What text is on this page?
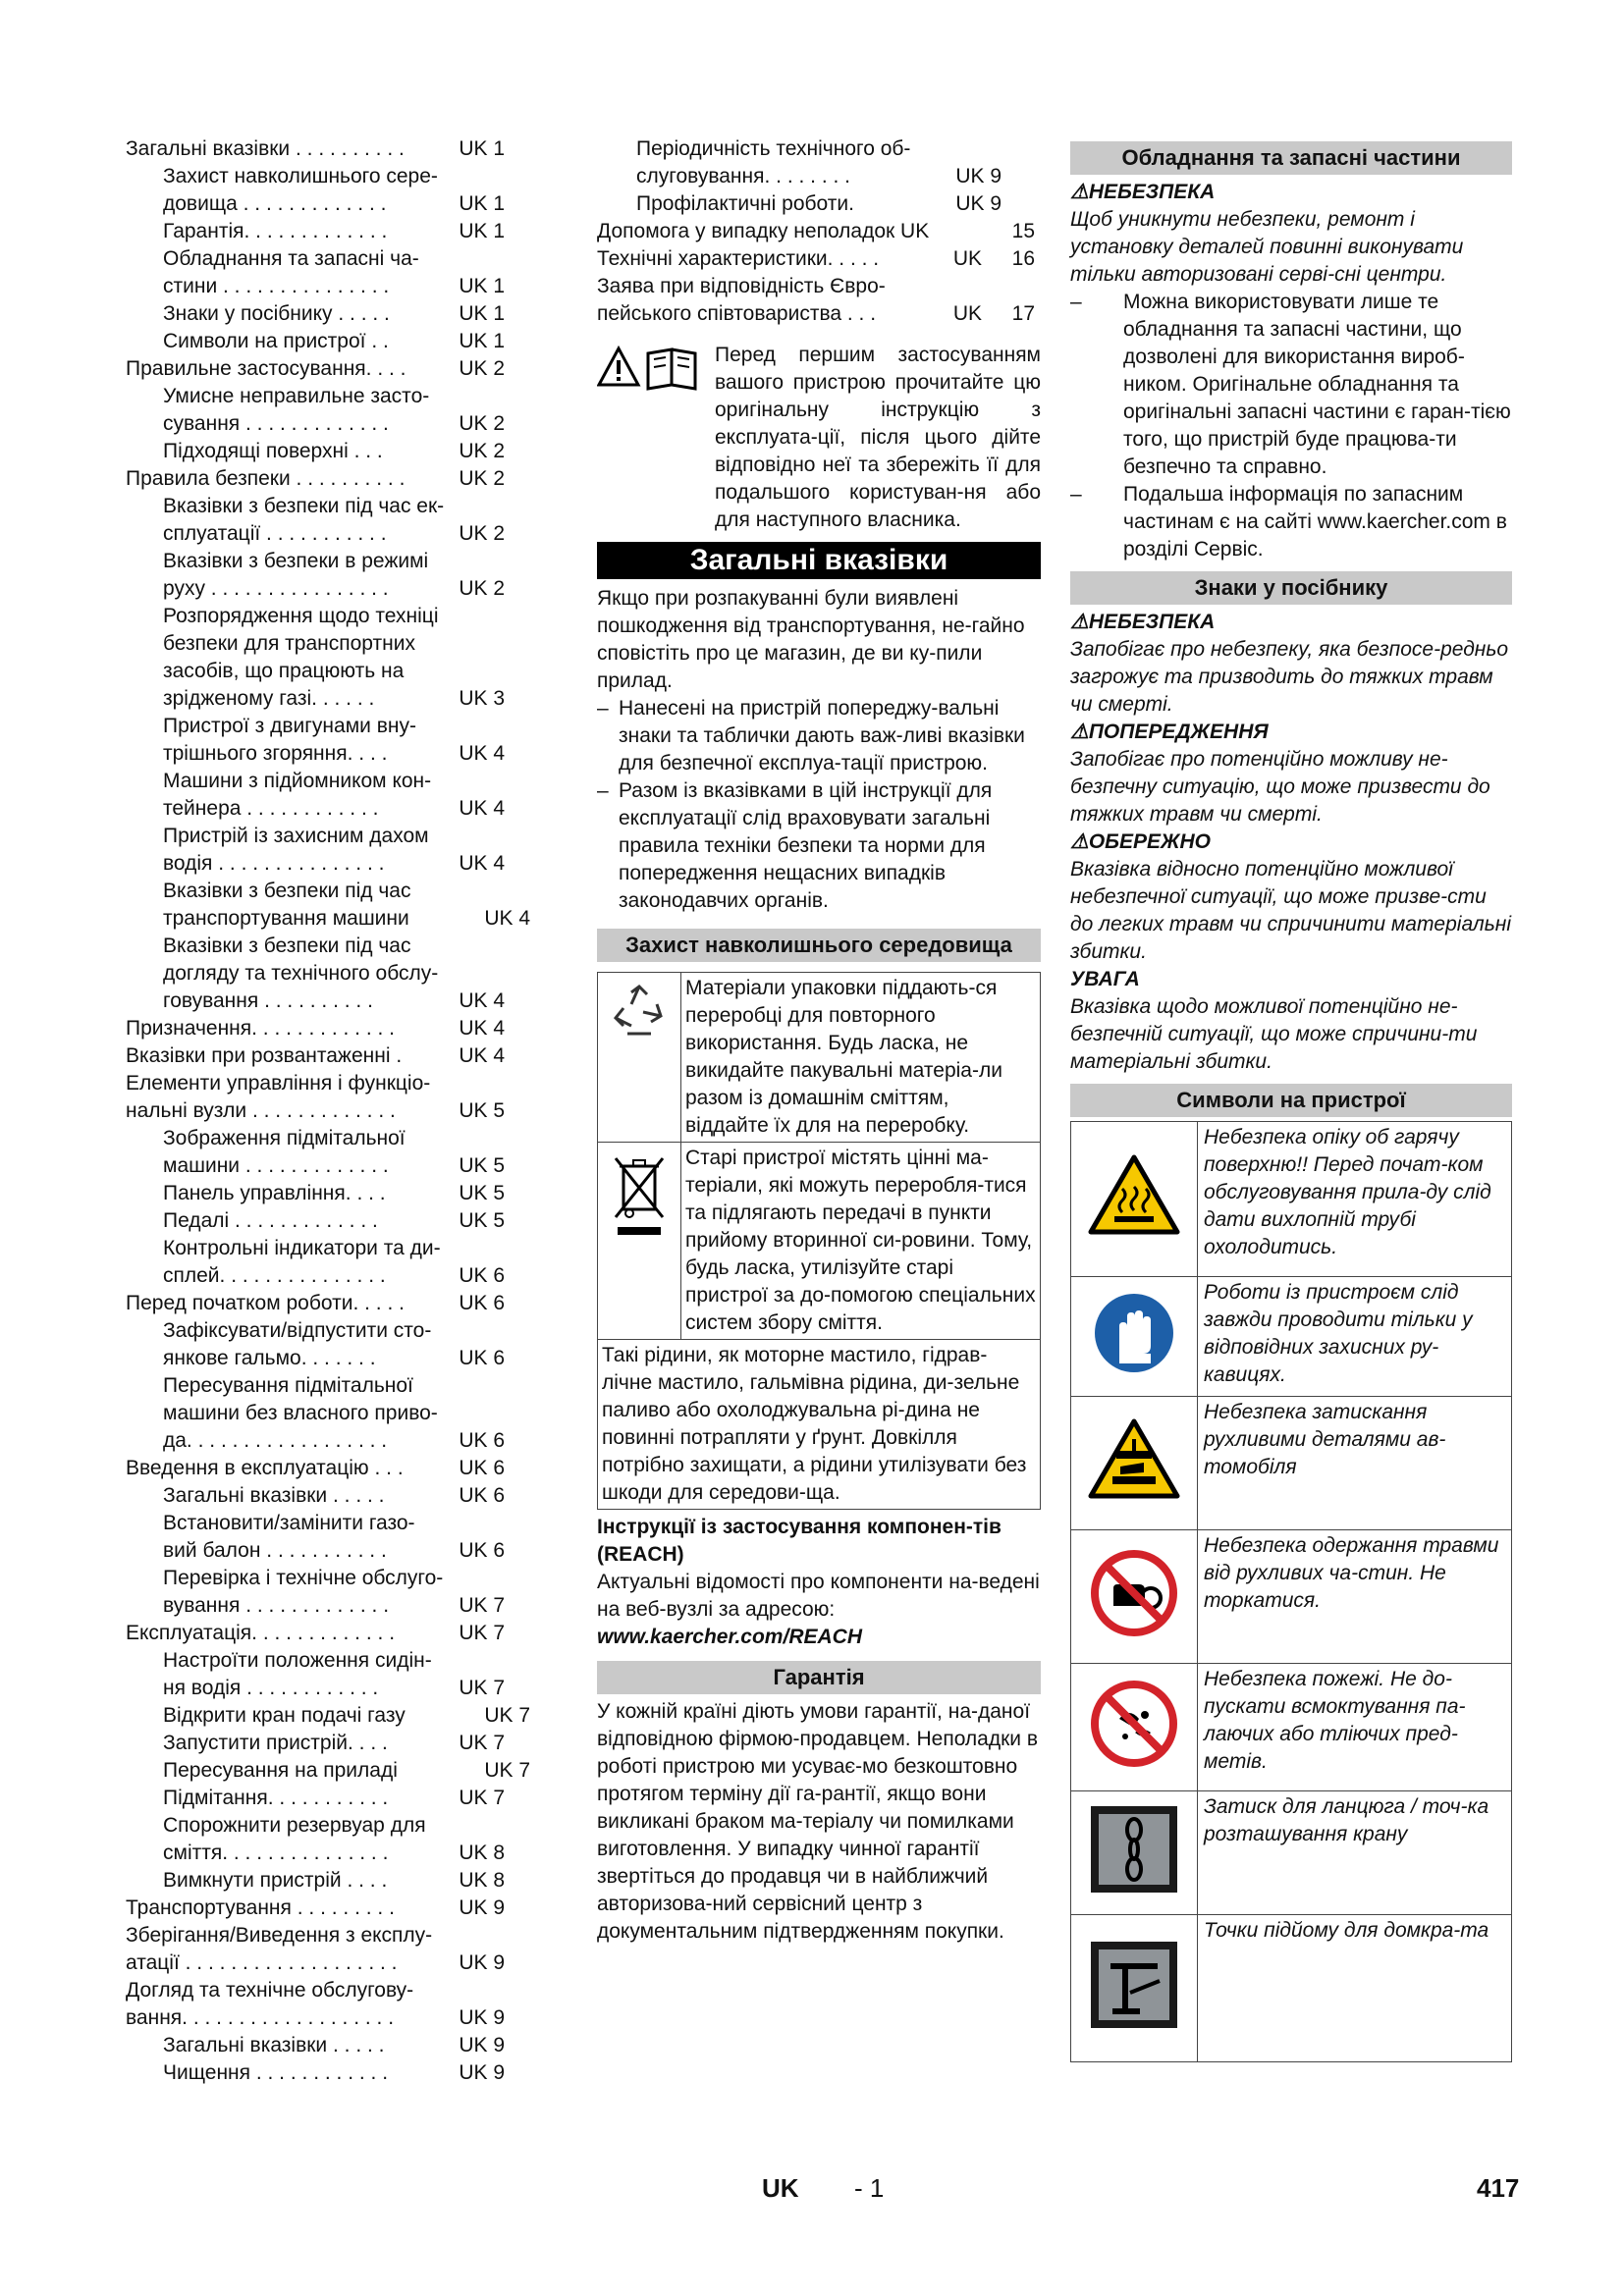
Загальні вказівки . . . . . . . . . .	UK 1
Захист навколишнього сере-
довища . . . . . . . . . . . . .	UK 1
Гарантія. . . . . . . . . . . . .	UK 1
Обладнання та запасні ча-
стини . . . . . . . . . . . . . . .	UK 1
Знаки у посібнику . . . . .	UK 1
Символи на пристрої . .	UK 1
Правильне застосування. . . .	UK 2
Умисне неправильне засто-
сування . . . . . . . . . . . . .	UK 2
Підходящі поверхні . . .	UK 2
Правила безпеки . . . . . . . . . .	UK 2
Вказівки з безпеки під час ек-
сплуатації . . . . . . . . . . .	UK 2
Вказівки з безпеки в режимі
руху . . . . . . . . . . . . . . . .	UK 2
Розпорядження щодо техніці
безпеки для транспортних
засобів, що працюють на
зрідженому газі. . . . . .	UK 3
Пристрої з двигунами вну-
трішнього згоряння. . . .	UK 4
Машини з підйомником кон-
тейнера . . . . . . . . . . . .	UK 4
Пристрій із захисним дахом
водія . . . . . . . . . . . . . . .	UK 4
Вказівки з безпеки під час
транспортування машини	UK 4
Вказівки з безпеки під час
догляду та технічного обслу-
говування . . . . . . . . . .	UK 4
Призначення. . . . . . . . . . . . .	UK 4
Вказівки при розвантаженні .	UK 4
Елементи управління і функціо-
нальні вузли . . . . . . . . . . . . .	UK 5
Зображення підмітальної
машини . . . . . . . . . . . . .	UK 5
Панель управління. . . .	UK 5
Педалі . . . . . . . . . . . . .	UK 5
Контрольні індикатори та ди-
сплей. . . . . . . . . . . . . . .	UK 6
Перед початком роботи. . . . .	UK 6
Зафіксувати/відпустити сто-
янкове гальмо. . . . . . .	UK 6
Пересування підмітальної
машини без власного приво-
да. . . . . . . . . . . . . . . . . .	UK 6
Введення в експлуатацію . . .	UK 6
Загальні вказівки . . . . .	UK 6
Встановити/замінити газо-
вий балон . . . . . . . . . . .	UK 6
Перевірка і технічне обслуго-
вування . . . . . . . . . . . . .	UK 7
Експлуатація. . . . . . . . . . . . .	UK 7
Настроїти положення сидін-
ня водія . . . . . . . . . . . .	UK 7
Відкрити кран подачі газу	UK 7
Запустити пристрій. . . .	UK 7
Пересування на приладі	UK 7
Підмітання. . . . . . . . . . .	UK 7
Спорожнити резервуар для
сміття. . . . . . . . . . . . . . .	UK 8
Вимкнути пристрій . . . .	UK 8
Транспортування . . . . . . . . .	UK 9
Зберігання/Виведення з експлу-
атації . . . . . . . . . . . . . . . . . . .	UK 9
Догляд та технічне обслугову-
вання. . . . . . . . . . . . . . . . . . .	UK 9
Загальні вказівки . . . . .	UK 9
Чищення . . . . . . . . . . . .	UK 9
Періодичність технічного об-
слуговування. . . . . . . .	UK 9
Профілактичні роботи.	UK 9
Допомога у випадку неполадок UK	15
Технічні характеристики. . . . .	UK 16
Заява при відповідність Євро-
пейського співтовариства . . .	UK 17
Перед першим застосуванням вашого пристрою прочитайте цю оригінальну інструкцію з експлуата-ції, після цього дійте відповідно неї та збережіть її для подальшого користуван-ня або для наступного власника.
Загальні вказівки
Якщо при розпакуванні були виявлені пошкодження від транспортування, не-гайно сповістіть про це магазин, де ви ку-пили прилад.
– Нанесені на пристрій попереджу-вальні знаки та таблички дають важ-ливі вказівки для безпечної експлуа-тації пристрою.
– Разом із вказівками в цій інструкції для експлуатації слід враховувати загальні правила техніки безпеки та норми для попередження нещасних випадків законодавчих органів.
Захист навколишнього середовища
	Матеріали упаковки піддають-ся переробці для повторного використання. Будь ласка, не викидайте пакувальні матеріа-ли разом із домашнім сміттям, віддайте їх для на переробку.
	Старі пристрої містять цінні ма-теріали, які можуть переробля-тися та підлягають передачі в пункти прийому вторинної си-ровини. Тому, будь ласка, утилізуйте старі пристрої за до-помогою спеціальних систем збору сміття.
Такі рідини, як моторне мастило, гідрав-лічне мастило, гальмівна рідина, ди-зельне паливо або охолоджувальна рі-дина не повинні потрапляти у ґрунт. Довкілля потрібно захищати, а рідини утилізувати без шкоди для середови-ща.	
Інструкції із застосування компонен-тів (REACH)
Актуальні відомості про компоненти на-ведені на веб-вузлі за адресою:
www.kaercher.com/REACH
Гарантія
У кожній країні діють умови гарантії, на-даної відповідною фірмою-продавцем. Неполадки в роботі пристрою ми усуває-мо безкоштовно протягом терміну дії га-рантії, якщо вони викликані браком ма-теріалу чи помилками виготовлення. У випадку чинної гарантії звертіться до продавця чи в найближчий авторизова-ний сервісний центр з документальним підтвердженням покупки.
Обладнання та запасні частини
⚠НЕБЕЗПЕКА
Щоб уникнути небезпеки, ремонт і установку деталей повинні виконувати тільки авторизовані серві-сні центри.
–	Можна використовувати лише те обладнання та запасні частини, що дозволені для використання вироб-ником. Оригінальне обладнання та оригінальні запасні частини є гаран-тією того, що пристрій буде працюва-ти безпечно та справно.
–	Подальша інформація по запасним частинам є на сайті www.kaercher.com в розділі Сервіс.
Знаки у посібнику
⚠НЕБЕЗПЕКА
Запобігає про небезпеку, яка безпосе-редньо загрожує та призводить до тяжких травм чи смерті.
⚠ПОПЕРЕДЖЕННЯ
Запобігає про потенційно можливу не-безпечну ситуацію, що може призвести до тяжких травм чи смерті.
⚠ОБЕРЕЖНО
Вказівка відносно потенційно можливої небезпечної ситуації, що може призве-сти до легких травм чи спричинити матеріальні збитки.
УВАГА
Вказівка щодо можливої потенційно не-безпечній ситуації, що може спричини-ти матеріальні збитки.
Символи на пристрої
	Небезпека опіку об гарячу поверхню!! Перед почат-ком обслуговування прила-ду слід дати вихлопній трубі охолодитись.
	Роботи із пристроєм слід завжди проводити тільки у відповідних захисних ру-кавицях.
	Небезпека затискання рухливими деталями ав-томобіля
	Небезпека одержання травми від рухливих ча-стин. Не торкатися.
	Небезпека пожежі. Не до-пускати всмоктування па-лаючих або тліючих пред-метів.
	Затиск для ланцюга / точ-ка розташування крану
	Точки підйому для домкра-та
UK - 1	417
